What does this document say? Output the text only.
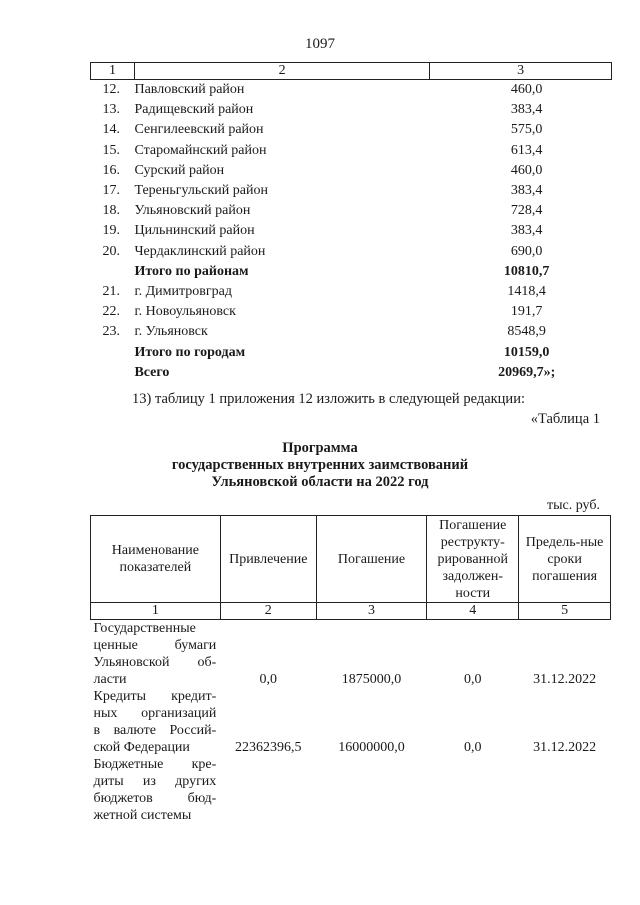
1097
1	2	3
12.	Павловский район	460,0
13.	Радищевский район	383,4
14.	Сенгилеевский район	575,0
15.	Старомайнский район	613,4
16.	Сурский район	460,0
17.	Тереньгульский район	383,4
18.	Ульяновский район	728,4
19.	Цильнинский район	383,4
20.	Чердаклинский район	690,0
	Итого по районам	10810,7
21.	г. Димитровград	1418,4
22.	г. Новоульяновск	191,7
23.	г. Ульяновск	8548,9
	Итого по городам	10159,0
	Всего	20969,7»;
13) таблицу 1 приложения 12 изложить в следующей редакции:
«Таблица 1
Программа
государственных внутренних заимствований
Ульяновской области на 2022 год
тыс. руб.
Наименование показателей	Привлечение	Погашение	Погашение реструкту-рированной задолжен-ности	Предель-ные сроки погашения
1	2	3	4	5

Государственные
ценные бумаги
Ульяновской об-
ласти	0,0	1875000,0	0,0	31.12.2022

Кредиты кредит-
ных организаций
в валюте Россий-
ской Федерации	22362396,5	16000000,0	0,0	31.12.2022

Бюджетные кре-
диты из других
бюджетов бюд-
жетной системы				
